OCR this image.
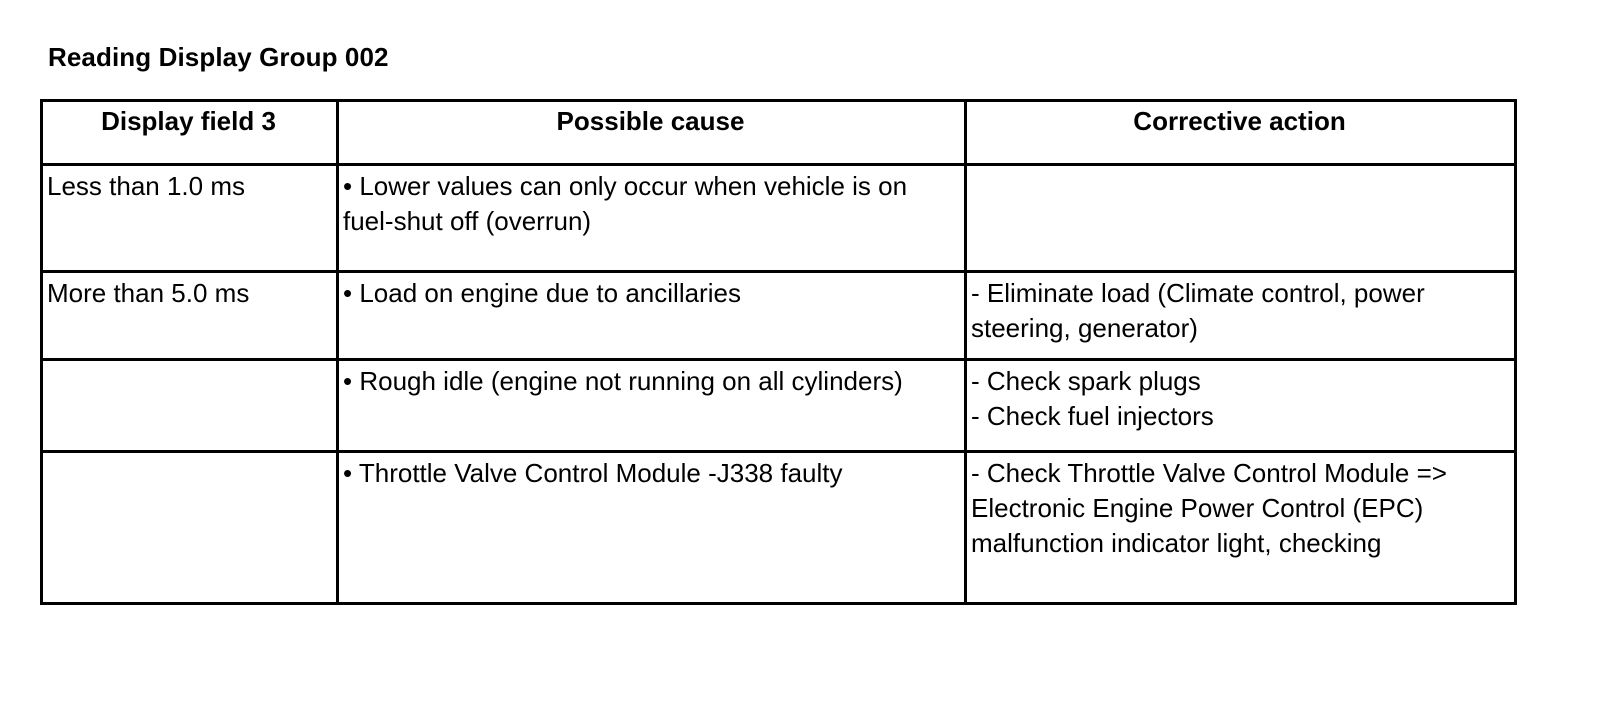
Reading Display Group 002
Display field 3	Possible cause	Corrective action
Less than 1.0 ms	• Lower values can only occur when vehicle is on fuel-shut off (overrun)	
More than 5.0 ms	• Load on engine due to ancillaries	- Eliminate load (Climate control, power steering, generator)

	• Rough idle (engine not running on all cylinders)	- Check spark plugs
- Check fuel injectors

	• Throttle Valve Control Module -J338 faulty	- Check Throttle Valve Control Module => Electronic Engine Power Control (EPC) malfunction indicator light, checking
